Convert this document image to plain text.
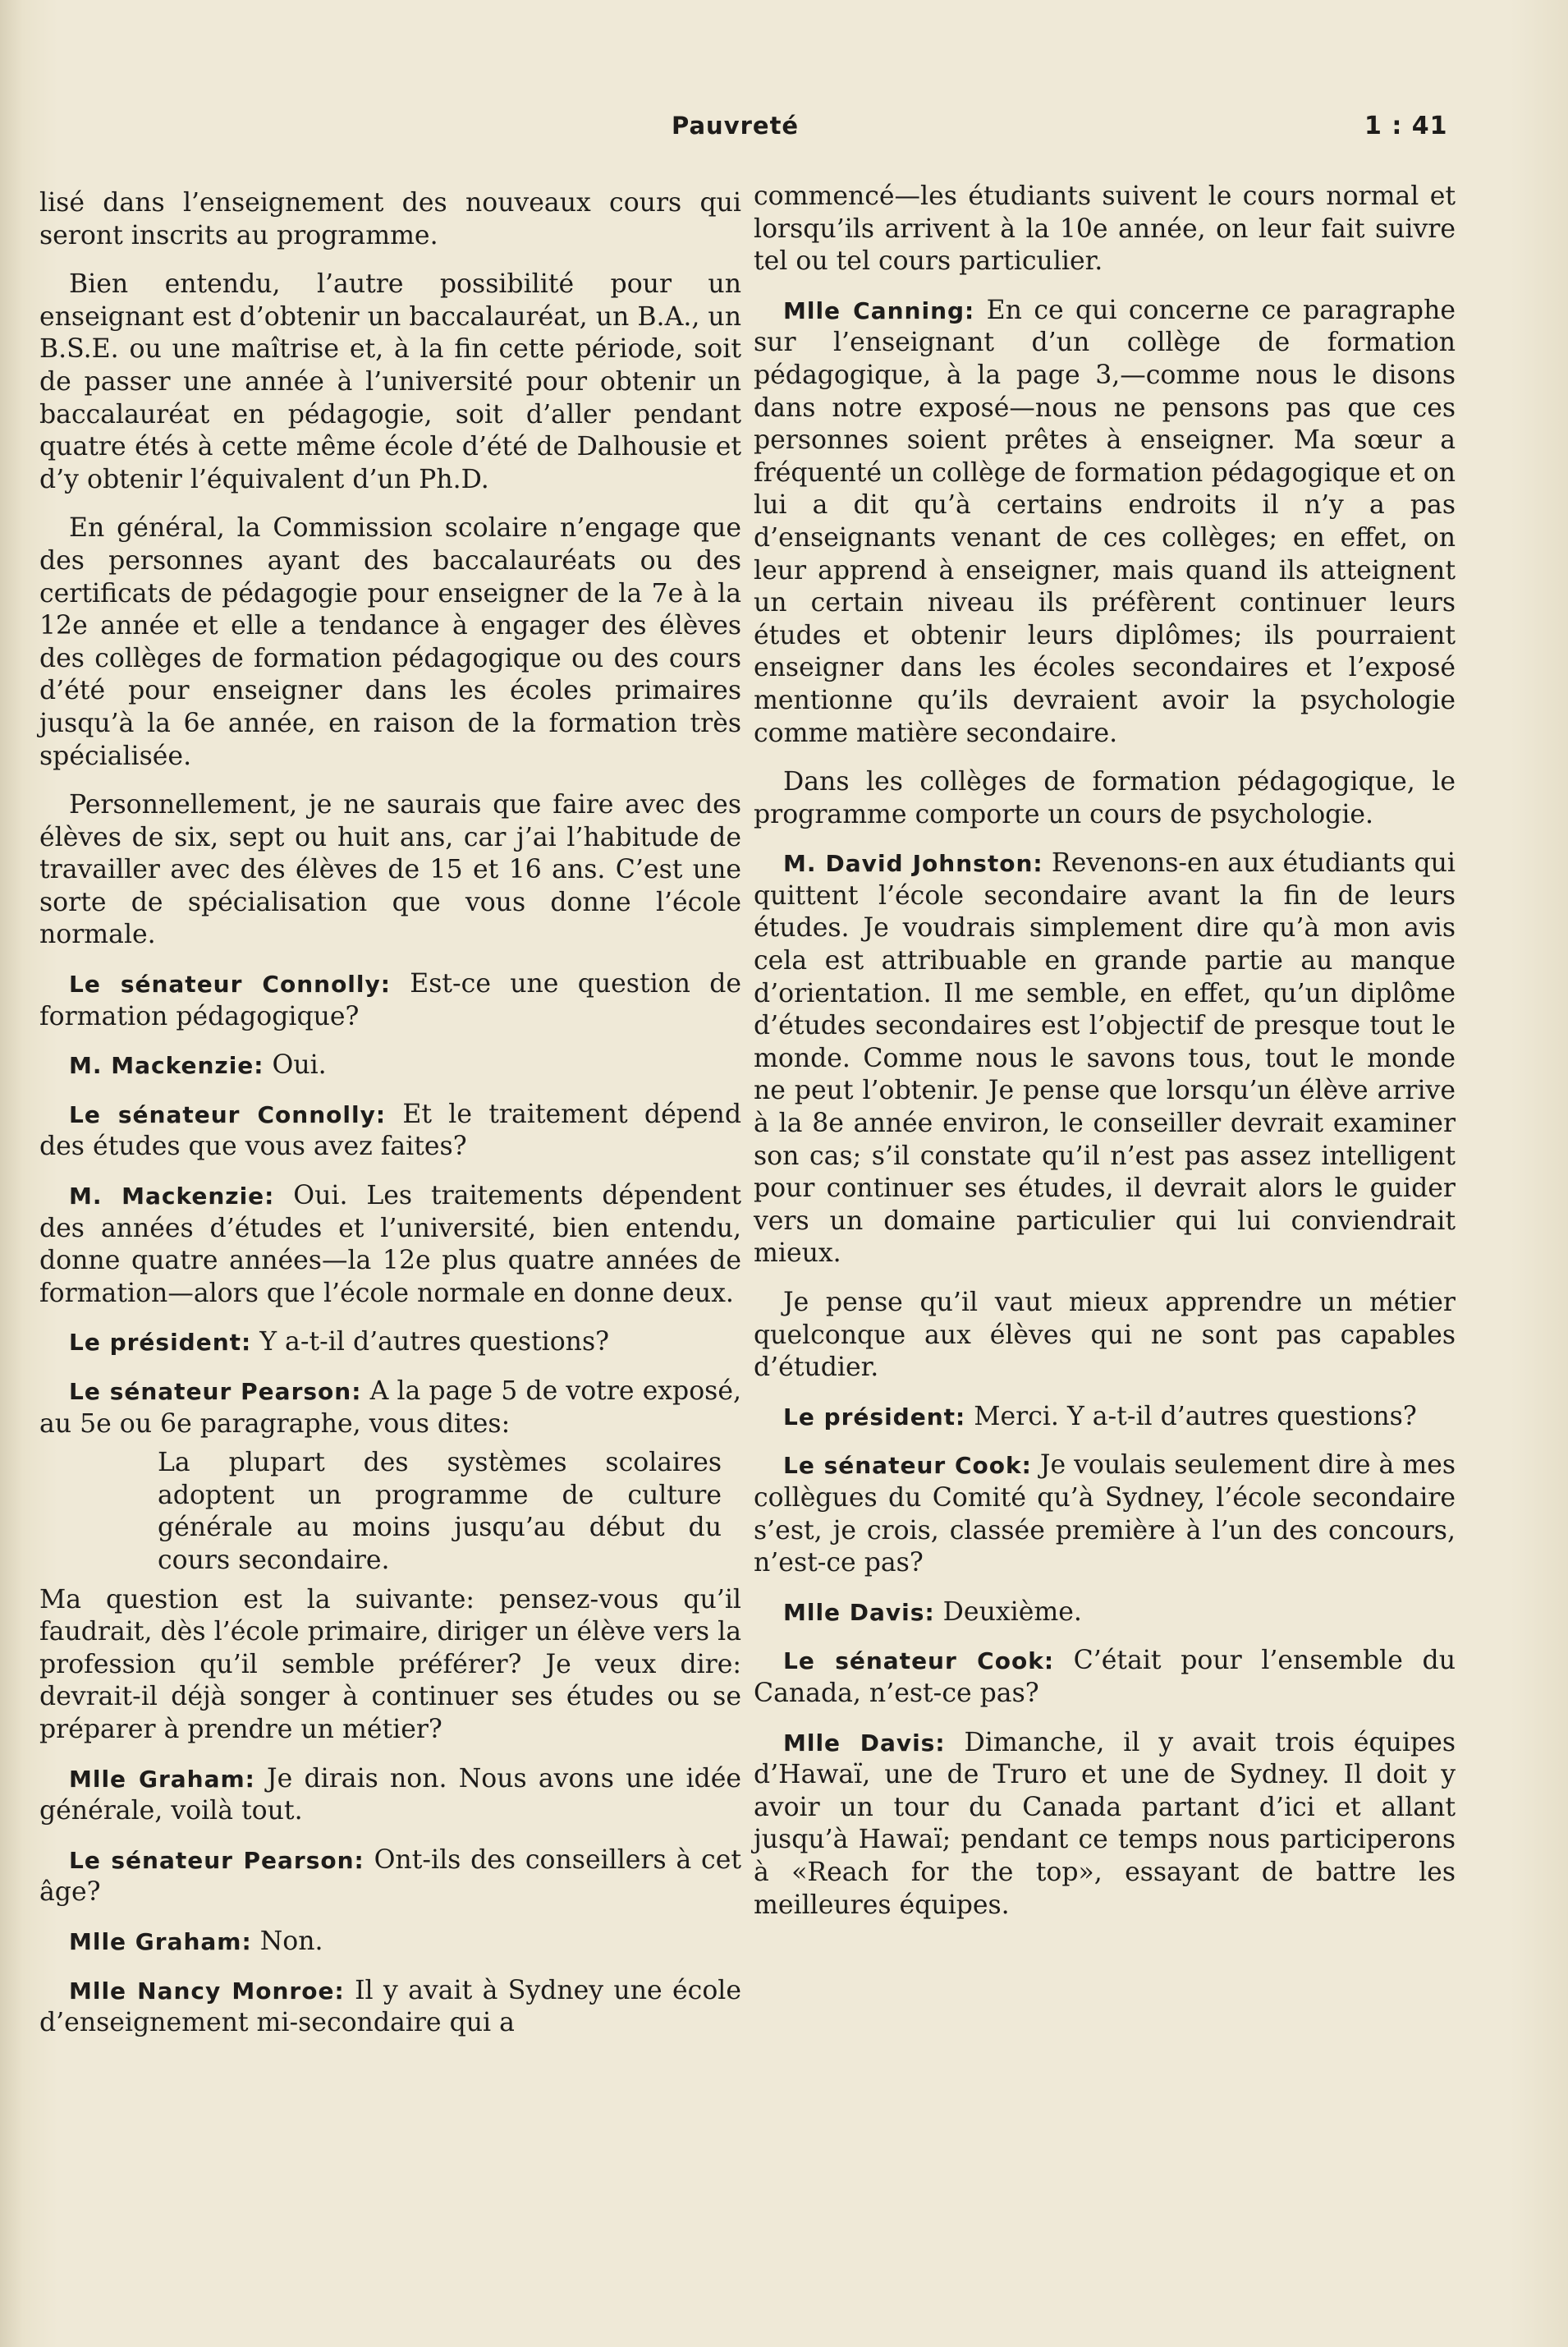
Pauvreté	1 : 41

lisé dans l’enseignement des nouveaux cours qui seront inscrits au programme.

Bien entendu, l’autre possibilité pour un enseignant est d’obtenir un baccalauréat, un B.A., un B.S.E. ou une maîtrise et, à la fin cette période, soit de passer une année à l’université pour obtenir un baccalauréat en pédagogie, soit d’aller pendant quatre étés à cette même école d’été de Dalhousie et d’y obtenir l’équivalent d’un Ph.D.

En général, la Commission scolaire n’engage que des personnes ayant des baccalauréats ou des certificats de pédagogie pour enseigner de la 7e à la 12e année et elle a tendance à engager des élèves des collèges de formation pédagogique ou des cours d’été pour enseigner dans les écoles primaires jusqu’à la 6e année, en raison de la formation très spécialisée.

Personnellement, je ne saurais que faire avec des élèves de six, sept ou huit ans, car j’ai l’habitude de travailler avec des élèves de 15 et 16 ans. C’est une sorte de spécialisation que vous donne l’école normale.

Le sénateur Connolly: Est-ce une question de formation pédagogique?

M. Mackenzie: Oui.

Le sénateur Connolly: Et le traitement dépend des études que vous avez faites?

M. Mackenzie: Oui. Les traitements dépendent des années d’études et l’université, bien entendu, donne quatre années—la 12e plus quatre années de formation—alors que l’école normale en donne deux.

Le président: Y a-t-il d’autres questions?

Le sénateur Pearson: A la page 5 de votre exposé, au 5e ou 6e paragraphe, vous dites:

La plupart des systèmes scolaires adoptent un programme de culture générale au moins jusqu’au début du cours secondaire.

Ma question est la suivante: pensez-vous qu’il faudrait, dès l’école primaire, diriger un élève vers la profession qu’il semble préférer? Je veux dire: devrait-il déjà songer à continuer ses études ou se préparer à prendre un métier?

Mlle Graham: Je dirais non. Nous avons une idée générale, voilà tout.

Le sénateur Pearson: Ont-ils des conseillers à cet âge?

Mlle Graham: Non.

Mlle Nancy Monroe: Il y avait à Sydney une école d’enseignement mi-secondaire qui a

commencé—les étudiants suivent le cours normal et lorsqu’ils arrivent à la 10e année, on leur fait suivre tel ou tel cours particulier.

Mlle Canning: En ce qui concerne ce paragraphe sur l’enseignant d’un collège de formation pédagogique, à la page 3,—comme nous le disons dans notre exposé—nous ne pensons pas que ces personnes soient prêtes à enseigner. Ma sœur a fréquenté un collège de formation pédagogique et on lui a dit qu’à certains endroits il n’y a pas d’enseignants venant de ces collèges; en effet, on leur apprend à enseigner, mais quand ils atteignent un certain niveau ils préfèrent continuer leurs études et obtenir leurs diplômes; ils pourraient enseigner dans les écoles secondaires et l’exposé mentionne qu’ils devraient avoir la psychologie comme matière secondaire.

Dans les collèges de formation pédagogique, le programme comporte un cours de psychologie.

M. David Johnston: Revenons-en aux étudiants qui quittent l’école secondaire avant la fin de leurs études. Je voudrais simplement dire qu’à mon avis cela est attribuable en grande partie au manque d’orientation. Il me semble, en effet, qu’un diplôme d’études secondaires est l’objectif de presque tout le monde. Comme nous le savons tous, tout le monde ne peut l’obtenir. Je pense que lorsqu’un élève arrive à la 8e année environ, le conseiller devrait examiner son cas; s’il constate qu’il n’est pas assez intelligent pour continuer ses études, il devrait alors le guider vers un domaine particulier qui lui conviendrait mieux.

Je pense qu’il vaut mieux apprendre un métier quelconque aux élèves qui ne sont pas capables d’étudier.

Le président: Merci. Y a-t-il d’autres questions?

Le sénateur Cook: Je voulais seulement dire à mes collègues du Comité qu’à Sydney, l’école secondaire s’est, je crois, classée première à l’un des concours, n’est-ce pas?

Mlle Davis: Deuxième.

Le sénateur Cook: C’était pour l’ensemble du Canada, n’est-ce pas?

Mlle Davis: Dimanche, il y avait trois équipes d’Hawaï, une de Truro et une de Sydney. Il doit y avoir un tour du Canada partant d’ici et allant jusqu’à Hawaï; pendant ce temps nous participerons à «Reach for the top», essayant de battre les meilleures équipes.
